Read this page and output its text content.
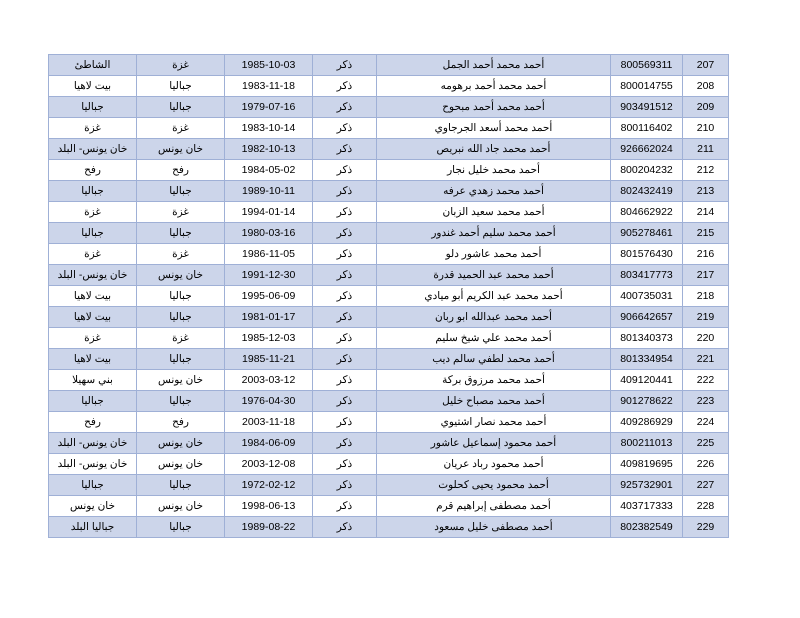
207	800569311	أحمد محمد أحمد الجمل	ذكر	1985-10-03	غزة	الشاطئ
208	800014755	أحمد محمد أحمد برهومه	ذكر	1983-11-18	جباليا	بيت لاهيا
209	903491512	أحمد محمد أحمد مبحوح	ذكر	1979-07-16	جباليا	جباليا
210	800116402	أحمد محمد أسعد الجرجاوي	ذكر	1983-10-14	غزة	غزة
211	926662024	أحمد محمد جاد الله نبريص	ذكر	1982-10-13	خان يونس	خان يونس- البلد
212	800204232	أحمد محمد خليل نجار	ذكر	1984-05-02	رفح	رفح
213	802432419	أحمد محمد زهدي عرفه	ذكر	1989-10-11	جباليا	جباليا
214	804662922	أحمد محمد سعيد الزبان	ذكر	1994-01-14	غزة	غزة
215	905278461	أحمد محمد سليم أحمد غندور	ذكر	1980-03-16	جباليا	جباليا
216	801576430	أحمد محمد عاشور دلو	ذكر	1986-11-05	غزة	غزة
217	803417773	أحمد محمد عبد الحميد قدرة	ذكر	1991-12-30	خان يونس	خان يونس- البلد
218	400735031	أحمد محمد عبد الكريم أبو ميادي	ذكر	1995-06-09	جباليا	بيت لاهيا
219	906642657	أحمد محمد عبدالله ابو ربان	ذكر	1981-01-17	جباليا	بيت لاهيا
220	801340373	أحمد محمد علي شيخ سليم	ذكر	1985-12-03	غزة	غزة
221	801334954	أحمد محمد لطفي سالم ديب	ذكر	1985-11-21	جباليا	بيت لاهيا
222	409120441	أحمد محمد مرزوق بركة	ذكر	2003-03-12	خان يونس	بني سهيلا
223	901278622	أحمد محمد مصباح خليل	ذكر	1976-04-30	جباليا	جباليا
224	409286929	أحمد محمد نصار اشتيوي	ذكر	2003-11-18	رفح	رفح
225	800211013	أحمد محمود إسماعيل عاشور	ذكر	1984-06-09	خان يونس	خان يونس- البلد
226	409819695	أحمد محمود رباد عريان	ذكر	2003-12-08	خان يونس	خان يونس- البلد
227	925732901	أحمد محمود يحيى كحلوت	ذكر	1972-02-12	جباليا	جباليا
228	403717333	أحمد مصطفى إبراهيم قرم	ذكر	1998-06-13	خان يونس	خان يونس
229	802382549	أحمد مصطفى خليل مسعود	ذكر	1989-08-22	جباليا	جباليا البلد
